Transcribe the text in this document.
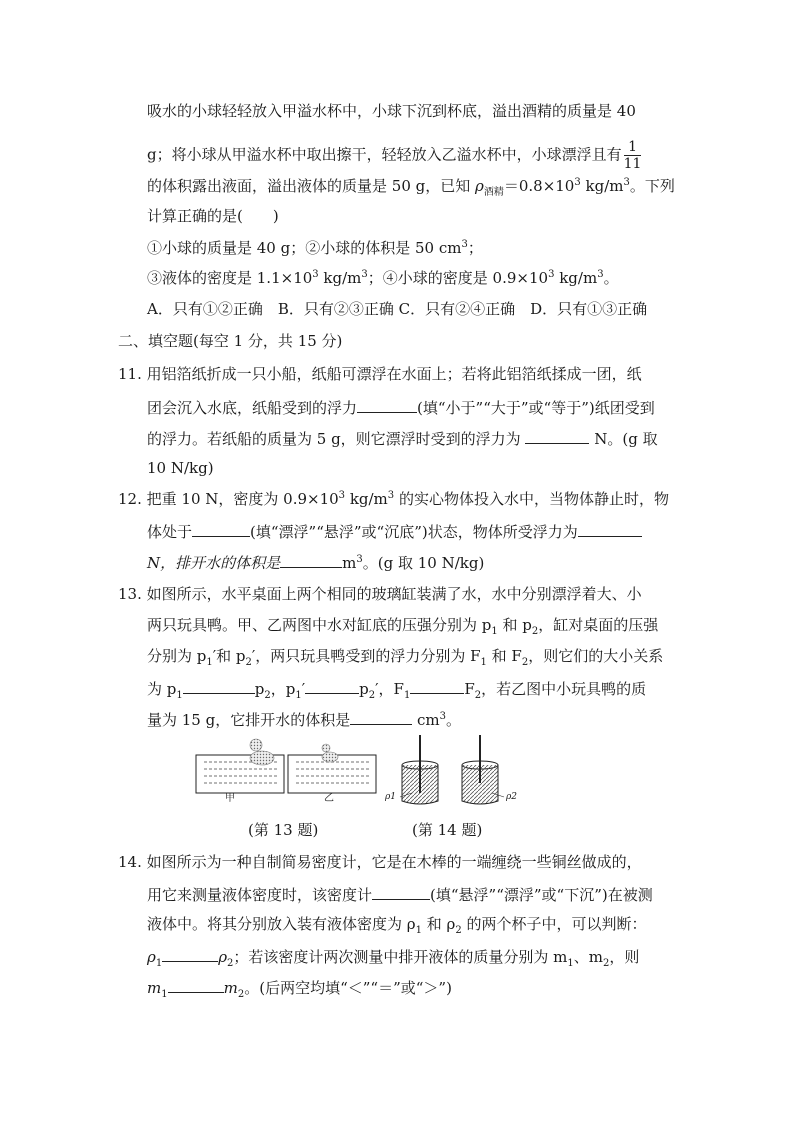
吸水的小球轻轻放入甲溢水杯中，小球下沉到杯底，溢出酒精的质量是 40
g；将小球从甲溢水杯中取出擦干，轻轻放入乙溢水杯中，小球漂浮且有 $\frac{1}{11}$
的体积露出液面，溢出液体的质量是 50 g，已知 $\rho_{酒精}=0.8\times 10^3$ $kg/m^3$。下列
计算正确的是(　　)
①小球的质量是 40 g；②小球的体积是 50 $cm^3$；
③液体的密度是 $1.1\times 10^3$ $kg/m^3$；④小球的密度是 $0.9\times 10^3$ $kg/m^3$。
A．只有①②正确　B．只有②③正确 C．只有②④正确　D．只有①③正确
二、填空题(每空 1 分，共 15 分)
11. 用铝箔纸折成一只小船，纸船可漂浮在水面上；若将此铝箔纸揉成一团，纸
团会沉入水底，纸船受到的浮力	(填“小于”“大于”或“等于”)纸团受到
的浮力。若纸船的质量为 5 g，则它漂浮时受到的浮力为	N。(g 取
10 N/kg)
12. 把重 10 N，密度为 $0.9\times 10^3$ $kg/m^3$ 的实心物体投入水中，当物体静止时，物
体处于	(填“漂浮”“悬浮”或“沉底”)状态，物体所受浮力为
N，排开水的体积是	$m^3$。(g 取 10 N/kg)
13. 如图所示，水平桌面上两个相同的玻璃缸装满了水，水中分别漂浮着大、小
两只玩具鸭。甲、乙两图中水对缸底的压强分别为 $p_1$ 和 $p_2$，缸对桌面的压强
分别为 $p_1'$和 $p_2'$，两只玩具鸭受到的浮力分别为 $F_1$ 和 $F_2$，则它们的大小关系
为 $p_1$	$p_2$，$p_1'$	$p_2'$，$F_1$	$F_2$，若乙图中小玩具鸭的质
量为 15 g，它排开水的体积是	$cm^3$。
甲	乙	ρ1	ρ2
(第 13 题)	(第 14 题)
14. 如图所示为一种自制简易密度计，它是在木棒的一端缠绕一些铜丝做成的，
用它来测量液体密度时，该密度计	(填“悬浮”“漂浮”或“下沉”)在被测
液体中。将其分别放入装有液体密度为 $\rho_1$ 和 $\rho_2$ 的两个杯子中，可以判断：
$\rho_1$	$\rho_2$；若该密度计两次测量中排开液体的质量分别为 $m_1$、$m_2$，则
$m_1$	$m_2$。(后两空均填“＜”“＝”或“＞”)
